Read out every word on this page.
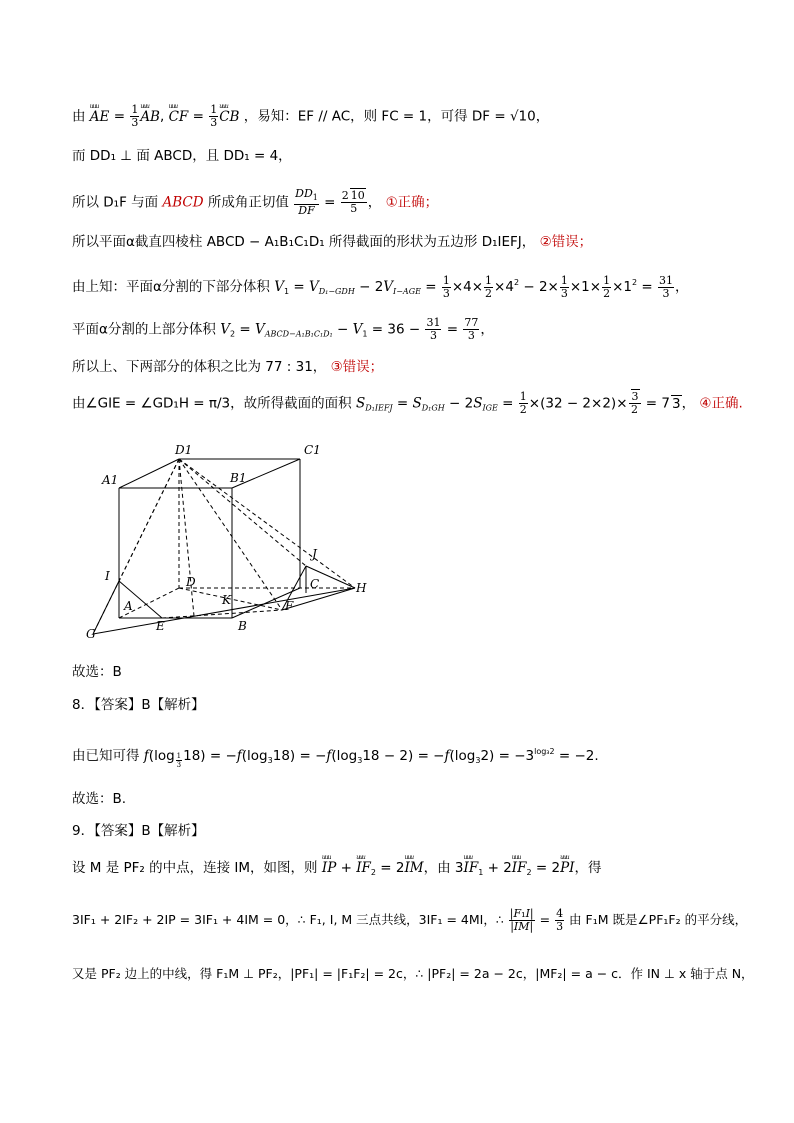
由 uuu AE = $\frac{1}{3}$ uuu AB, uuu CF = $\frac{1}{3}$ uuu CB ，易知：EF // AC，则 FC = 1，可得 DF = √10，
而 DD₁ ⊥ 面 ABCD，且 DD₁ = 4，
所以 D₁F 与面 ABCD 所成角正切值 $\frac{DD_1}{DF} = \frac{2 10}{5}$ ， ①正确；
所以平面α截直四棱柱 ABCD − A₁B₁C₁D₁ 所得截面的形状为五边形 D₁IEFJ， ②错误；
由上知：平面α分割的下部分体积 $V_1 = V_{D_1-GDH} - 2V_{I-AGE} = \frac{1}{3} \times 4\times \frac{1}{2} \times 4^2 - 2\times \frac{1}{3} \times 1\times \frac{1}{2} \times 1^2 = \frac{31}{3}$ ，
平面α分割的上部分体积 $V_2 = V_{ABCD-A_1B_1C_1D_1} - V_1 = 36 - \frac{31}{3} = \frac{77}{3}$ ，
所以上、下两部分的体积之比为 77 : 31， ③错误；
由∠GIE = ∠GD₁H = π/3，故所得截面的面积 $S_{D_1IEFJ} = S_{D_1GH} - 2S_{IGE} = \frac{1}{2} \times(32 - 2\times 2)\times \frac{3}{2} = 7$ 3， ④正确.
D1	C1
A1	B1
J
I	D	C	H
K	F
A
G
E	B
故选：B
8．【答案】B【解析】
由已知可得 f(log $_{\frac{1}{3}}$ $18) = -f(\log_318) = -f(\log_318 - 2) = -f(\log_32) = -3^{log_32} = -2$.
故选：B.
9．【答案】B【解析】
设 M 是 PF₂ 的中点，连接 IM，如图，则 uuu IP + uuu $IF_2 = 2uuu$ IM，由 3uuu $IF_1 + 2uuu$ $IF_2 = 2uuu$ PI，得
3IF₁ + 2IF₂ + 2IP = 3IF₁ + 4IM = 0，∴ F₁, I, M 三点共线，3IF₁ = 4MI，∴ $\frac{\text{|F₁I|}}{|IM|} = \frac{4}{3}$ 由 F₁M 既是∠PF₁F₂ 的平分线，
又是 PF₂ 边上的中线，得 F₁M ⊥ PF₂，|PF₁| = |F₁F₂| = 2c，∴ |PF₂| = 2a − 2c，|MF₂| = a − c．作 IN ⊥ x 轴于点 N，
